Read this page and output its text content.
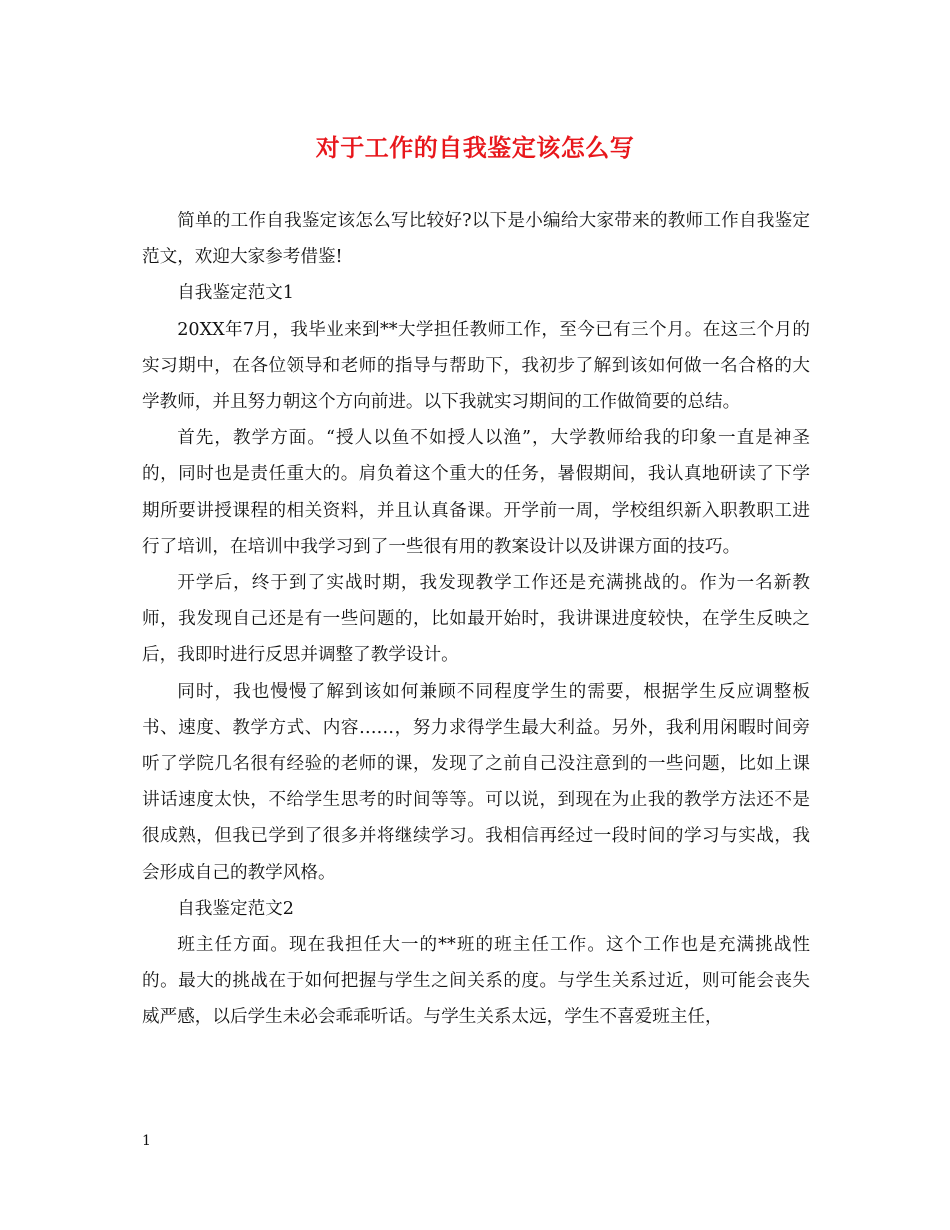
对于工作的自我鉴定该怎么写

简单的工作自我鉴定该怎么写比较好?以下是小编给大家带来的教师工作自我鉴定范文，欢迎大家参考借鉴!

自我鉴定范文1

20XX年7月，我毕业来到**大学担任教师工作，至今已有三个月。在这三个月的实习期中，在各位领导和老师的指导与帮助下，我初步了解到该如何做一名合格的大学教师，并且努力朝这个方向前进。以下我就实习期间的工作做简要的总结。

首先，教学方面。“授人以鱼不如授人以渔”，大学教师给我的印象一直是神圣的，同时也是责任重大的。肩负着这个重大的任务，暑假期间，我认真地研读了下学期所要讲授课程的相关资料，并且认真备课。开学前一周，学校组织新入职教职工进行了培训，在培训中我学习到了一些很有用的教案设计以及讲课方面的技巧。

开学后，终于到了实战时期，我发现教学工作还是充满挑战的。作为一名新教师，我发现自己还是有一些问题的，比如最开始时，我讲课进度较快，在学生反映之后，我即时进行反思并调整了教学设计。

同时，我也慢慢了解到该如何兼顾不同程度学生的需要，根据学生反应调整板书、速度、教学方式、内容……，努力求得学生最大利益。另外，我利用闲暇时间旁听了学院几名很有经验的老师的课，发现了之前自己没注意到的一些问题，比如上课讲话速度太快，不给学生思考的时间等等。可以说，到现在为止我的教学方法还不是很成熟，但我已学到了很多并将继续学习。我相信再经过一段时间的学习与实战，我会形成自己的教学风格。

自我鉴定范文2

班主任方面。现在我担任大一的**班的班主任工作。这个工作也是充满挑战性的。最大的挑战在于如何把握与学生之间关系的度。与学生关系过近，则可能会丧失威严感，以后学生未必会乖乖听话。与学生关系太远，学生不喜爱班主任，

1
